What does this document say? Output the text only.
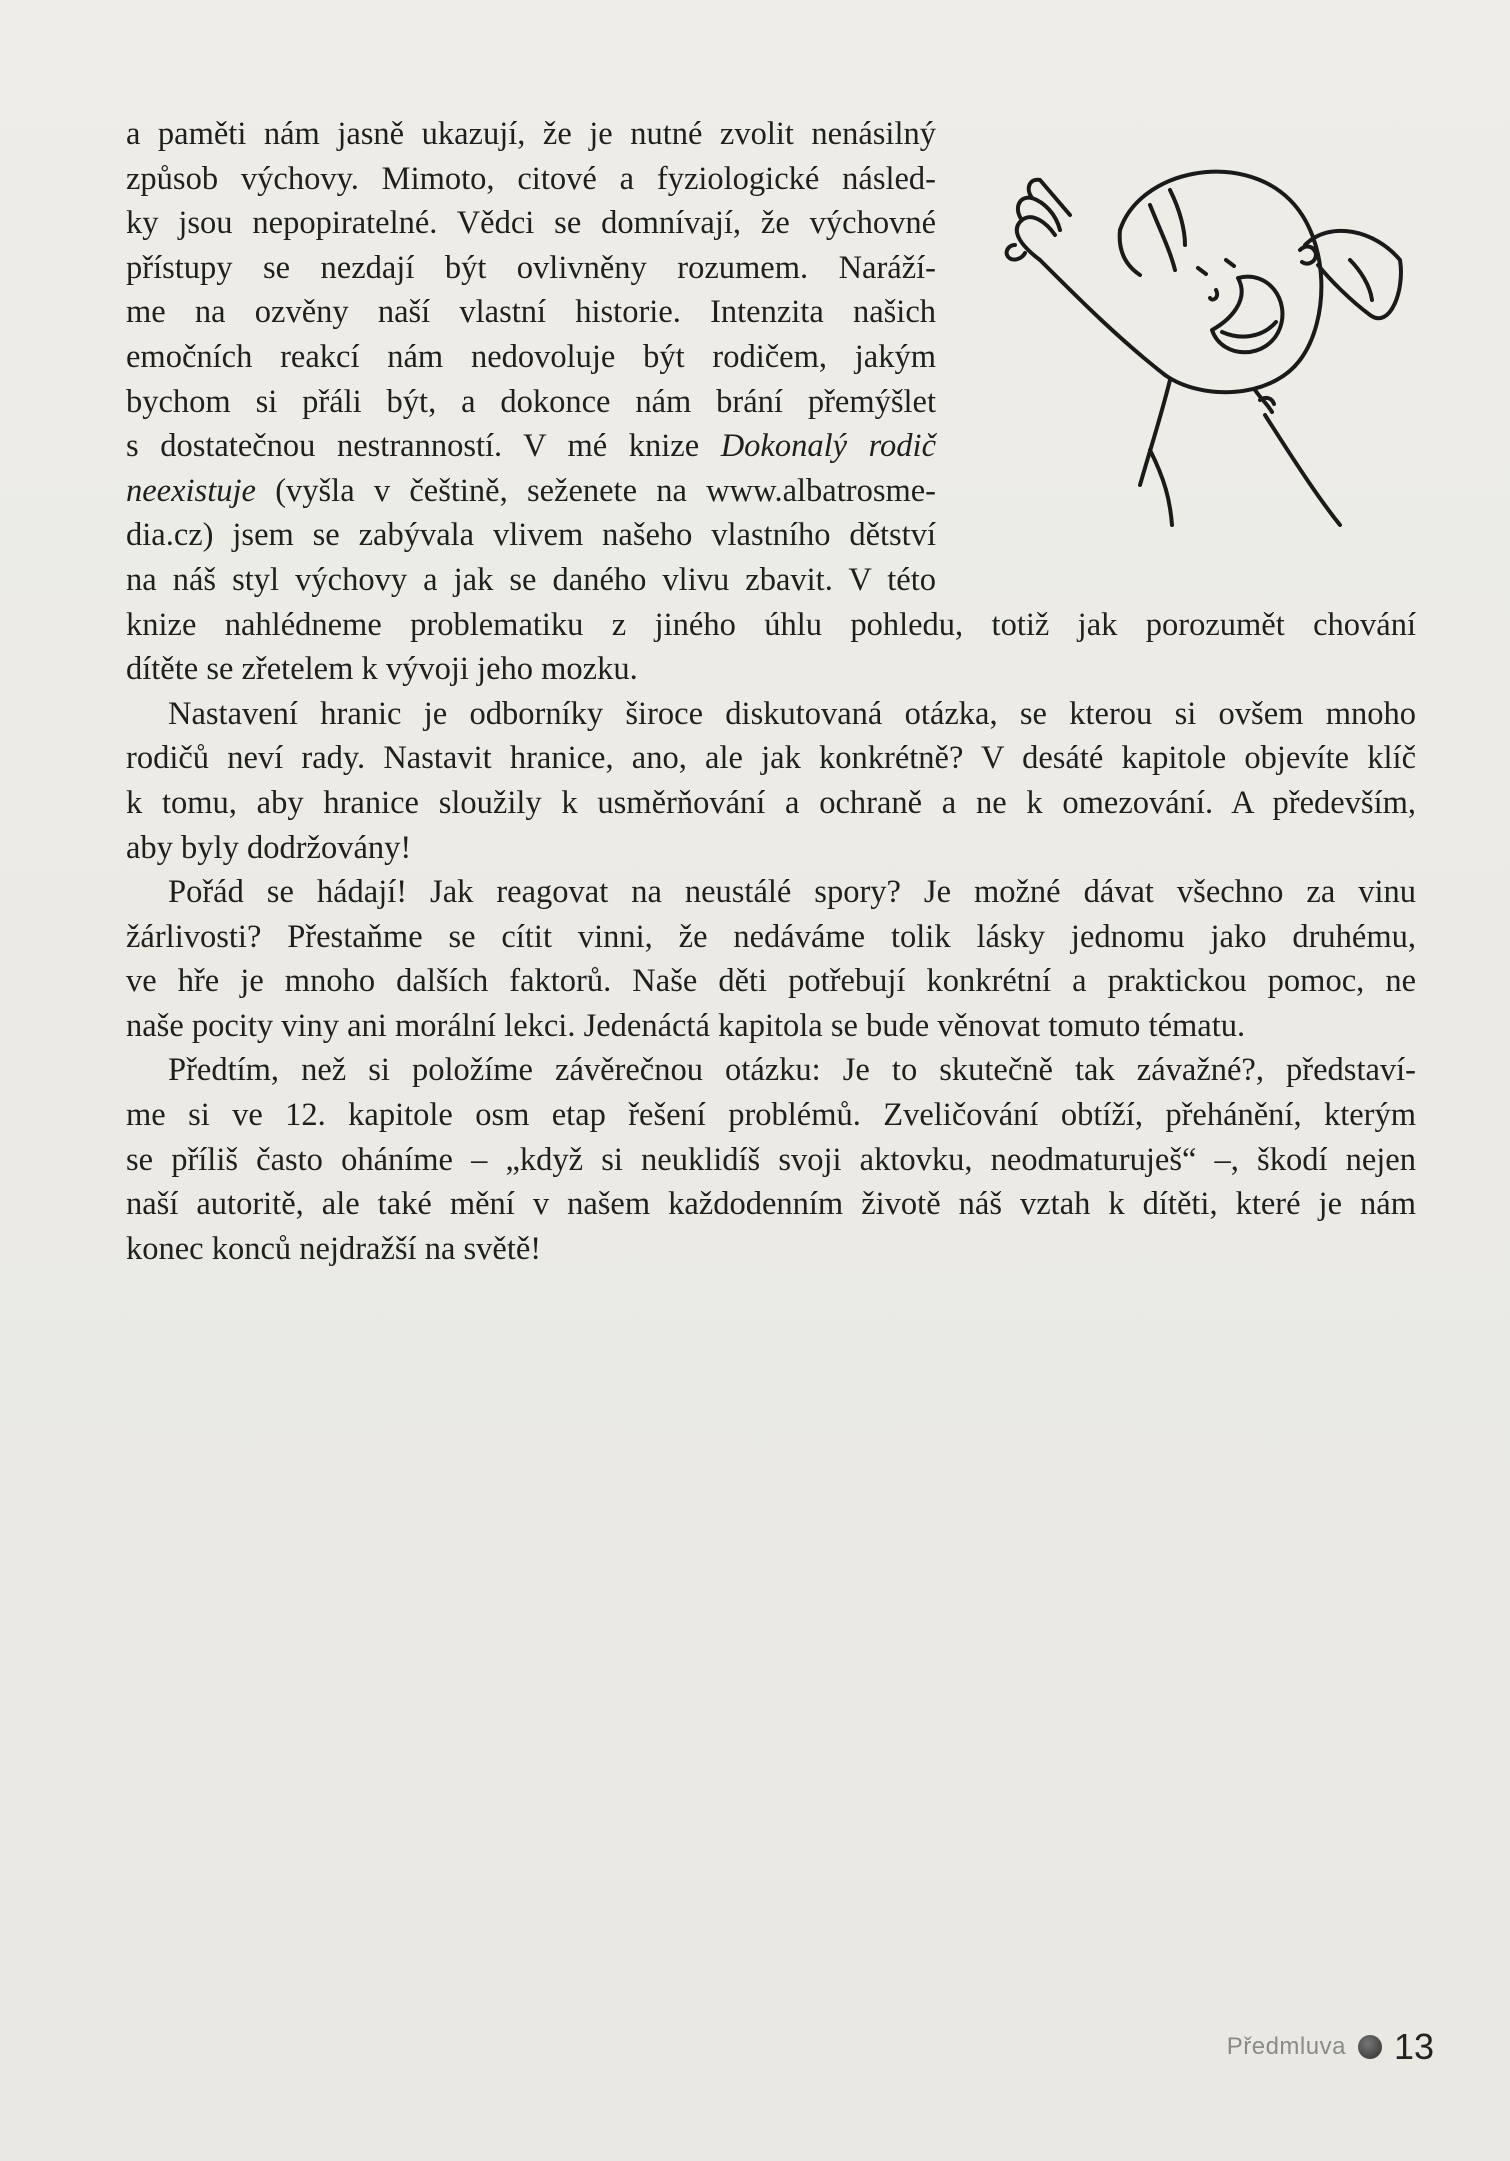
a paměti nám jasně ukazují, že je nutné zvolit nenásilný
způsob výchovy. Mimoto, citové a fyziologické násled-
ky jsou nepopiratelné. Vědci se domnívají, že výchovné
přístupy se nezdají být ovlivněny rozumem. Naráží-
me na ozvěny naší vlastní historie. Intenzita našich
emočních reakcí nám nedovoluje být rodičem, jakým
bychom si přáli být, a dokonce nám brání přemýšlet
s dostatečnou nestranností. V mé knize Dokonalý rodič
neexistuje (vyšla v češtině, seženete na www.albatrosme-
dia.cz) jsem se zabývala vlivem našeho vlastního dětství
na náš styl výchovy a jak se daného vlivu zbavit. V této
knize nahlédneme problematiku z jiného úhlu pohledu, totiž jak porozumět chování
dítěte se zřetelem k vývoji jeho mozku.
Nastavení hranic je odborníky široce diskutovaná otázka, se kterou si ovšem mnoho
rodičů neví rady. Nastavit hranice, ano, ale jak konkrétně? V desáté kapitole objevíte klíč
k tomu, aby hranice sloužily k usměrňování a ochraně a ne k omezování. A především,
aby byly dodržovány!
Pořád se hádají! Jak reagovat na neustálé spory? Je možné dávat všechno za vinu
žárlivosti? Přestaňme se cítit vinni, že nedáváme tolik lásky jednomu jako druhému,
ve hře je mnoho dalších faktorů. Naše děti potřebují konkrétní a praktickou pomoc, ne
naše pocity viny ani morální lekci. Jedenáctá kapitola se bude věnovat tomuto tématu.
Předtím, než si položíme závěrečnou otázku: Je to skutečně tak závažné?, představí-
me si ve 12. kapitole osm etap řešení problémů. Zveličování obtíží, přehánění, kterým
se příliš často oháníme – „když si neuklidíš svoji aktovku, neodmaturuješ“ –, škodí nejen
naší autoritě, ale také mění v našem každodenním životě náš vztah k dítěti, které je nám
konec konců nejdražší na světě!
Předmluva 13
